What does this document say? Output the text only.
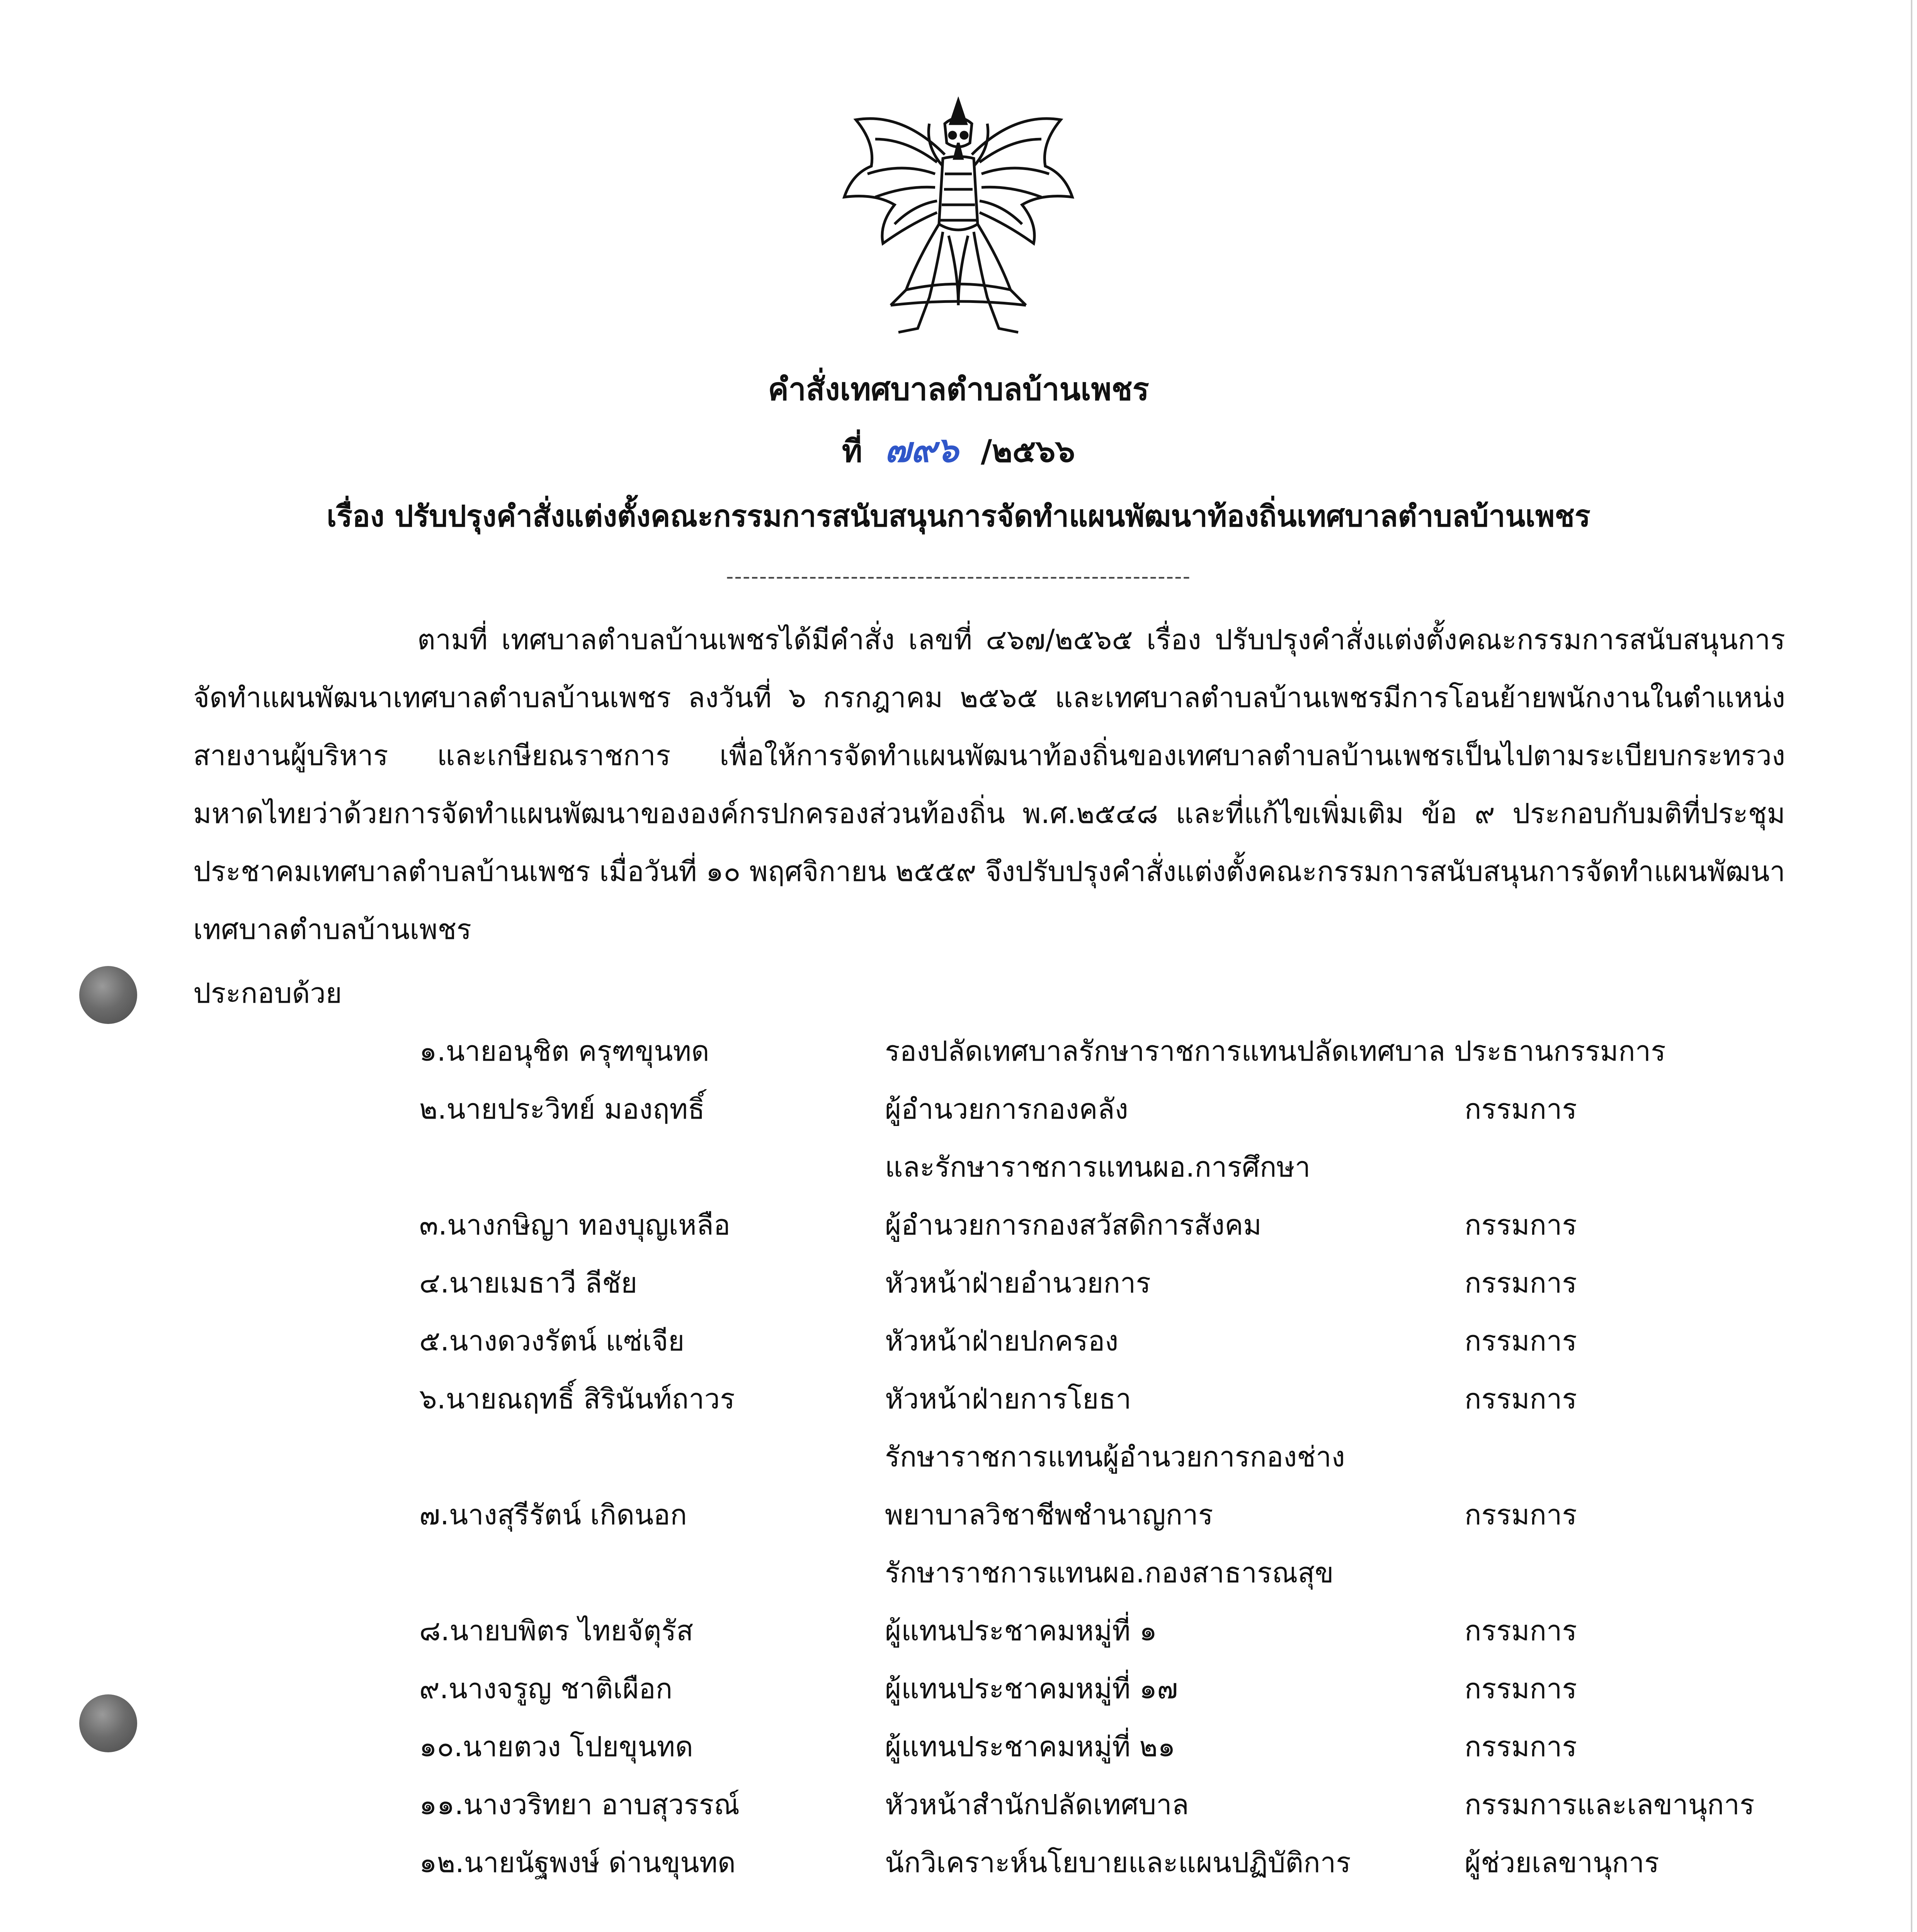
คำสั่งเทศบาลตำบลบ้านเพชร
ที่ ๗๙๖ /๒๕๖๖
เรื่อง ปรับปรุงคำสั่งแต่งตั้งคณะกรรมการสนับสนุนการจัดทำแผนพัฒนาท้องถิ่นเทศบาลตำบลบ้านเพชร
--------------------------------------------------------
ตามที่ เทศบาลตำบลบ้านเพชรได้มีคำสั่ง เลขที่ ๔๖๗/๒๕๖๕ เรื่อง ปรับปรุงคำสั่งแต่งตั้งคณะกรรมการสนับสนุนการจัดทำแผนพัฒนาเทศบาลตำบลบ้านเพชร ลงวันที่ ๖ กรกฎาคม ๒๕๖๕ และเทศบาลตำบลบ้านเพชรมีการโอนย้ายพนักงานในตำแหน่ง สายงานผู้บริหาร และเกษียณราชการ เพื่อให้การจัดทำแผนพัฒนาท้องถิ่นของเทศบาลตำบลบ้านเพชรเป็นไปตามระเบียบกระทรวงมหาดไทยว่าด้วยการจัดทำแผนพัฒนาขององค์กรปกครองส่วนท้องถิ่น พ.ศ.๒๕๔๘ และที่แก้ไขเพิ่มเติม ข้อ ๙ ประกอบกับมติที่ประชุมประชาคมเทศบาลตำบลบ้านเพชร เมื่อวันที่ ๑๐ พฤศจิกายน ๒๕๕๙ จึงปรับปรุงคำสั่งแต่งตั้งคณะกรรมการสนับสนุนการจัดทำแผนพัฒนาเทศบาลตำบลบ้านเพชร
ประกอบด้วย
๑.นายอนุชิต ครุฑขุนทด	รองปลัดเทศบาลรักษาราชการแทนปลัดเทศบาล ประธานกรรมการ
๒.นายประวิทย์ มองฤทธิ์	ผู้อำนวยการกองคลัง	กรรมการ
และรักษาราชการแทนผอ.การศึกษา
๓.นางกษิญา ทองบุญเหลือ	ผู้อำนวยการกองสวัสดิการสังคม	กรรมการ
๔.นายเมธาวี ลีชัย	หัวหน้าฝ่ายอำนวยการ	กรรมการ
๕.นางดวงรัตน์ แซ่เจีย	หัวหน้าฝ่ายปกครอง	กรรมการ
๖.นายณฤทธิ์ สิรินันท์ถาวร	หัวหน้าฝ่ายการโยธา	กรรมการ
รักษาราชการแทนผู้อำนวยการกองช่าง
๗.นางสุรีรัตน์ เกิดนอก	พยาบาลวิชาชีพชำนาญการ	กรรมการ
รักษาราชการแทนผอ.กองสาธารณสุข
๘.นายบพิตร ไทยจัตุรัส	ผู้แทนประชาคมหมู่ที่ ๑	กรรมการ
๙.นางจรูญ ชาติเผือก	ผู้แทนประชาคมหมู่ที่ ๑๗	กรรมการ
๑๐.นายตวง โปยขุนทด	ผู้แทนประชาคมหมู่ที่ ๒๑	กรรมการ
๑๑.นางวริทยา อาบสุวรรณ์	หัวหน้าสำนักปลัดเทศบาล	กรรมการและเลขานุการ
๑๒.นายนัฐพงษ์ ด่านขุนทด	นักวิเคราะห์นโยบายและแผนปฏิบัติการ	ผู้ช่วยเลขานุการ
